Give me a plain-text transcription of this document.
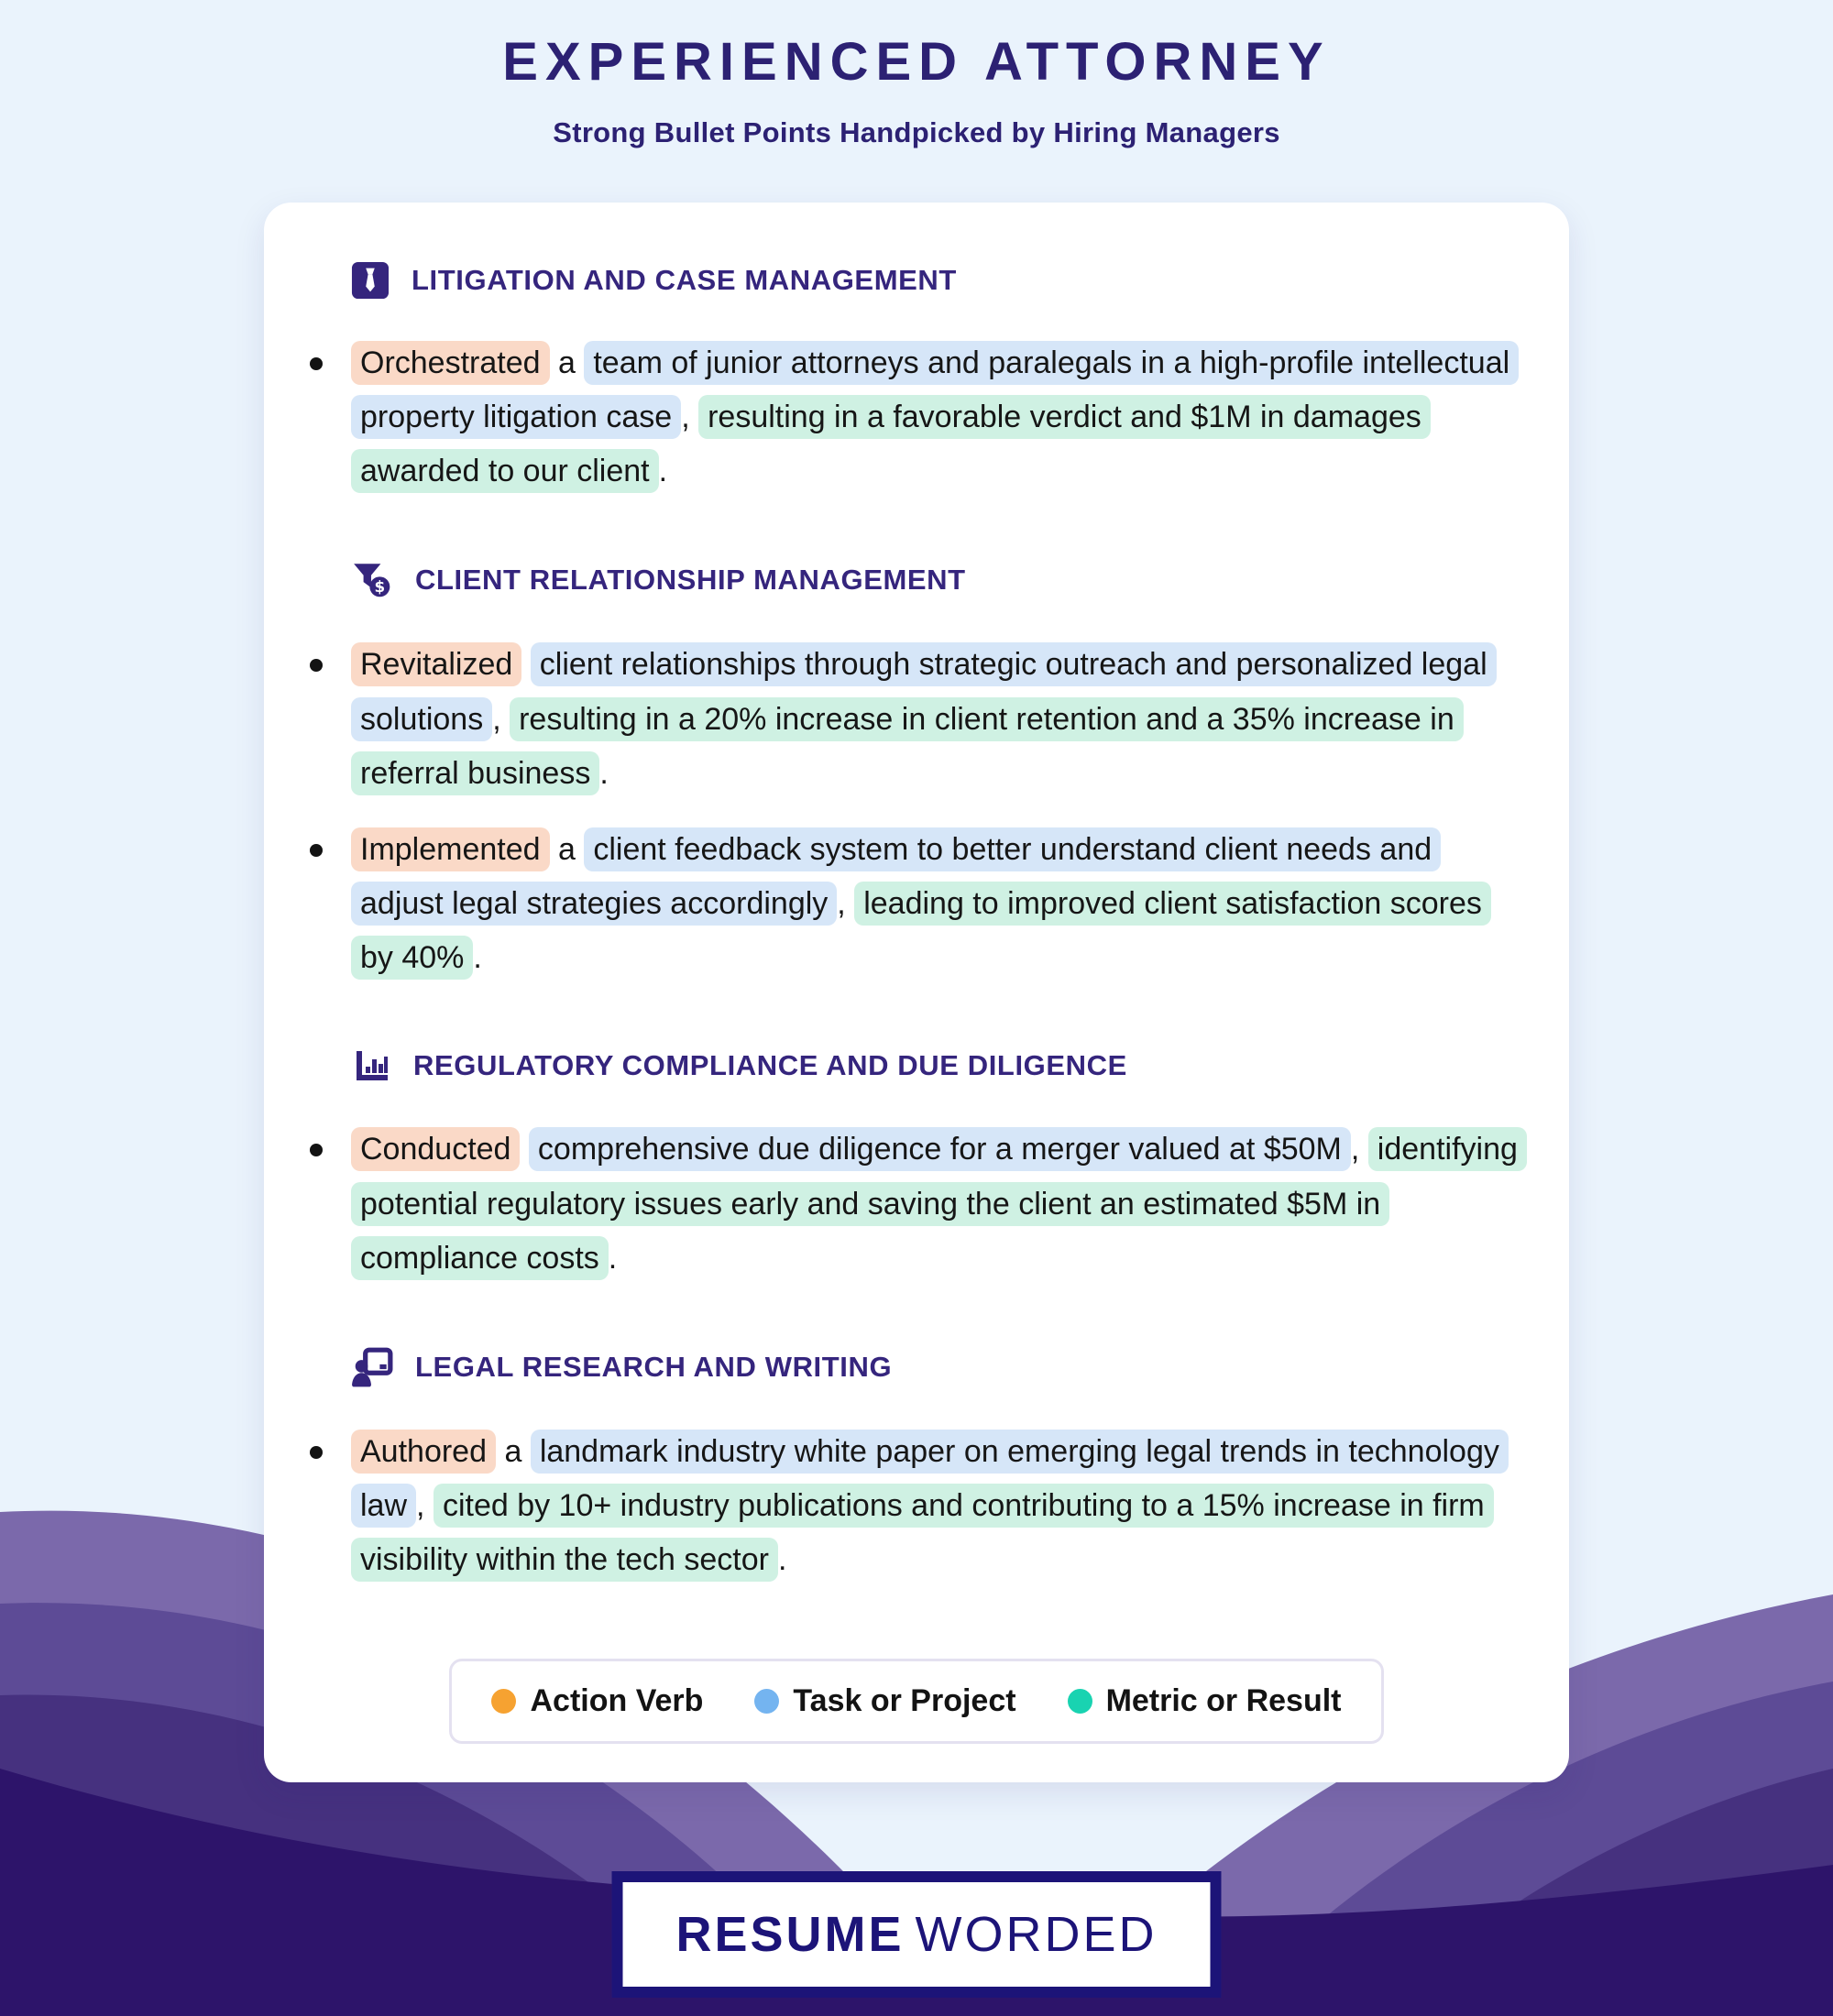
EXPERIENCED ATTORNEY

Strong Bullet Points Handpicked by Hiring Managers

LITIGATION AND CASE MANAGEMENT
Orchestrated a team of junior attorneys and paralegals in a high-profile intellectual property litigation case , resulting in a favorable verdict and $1M in damages awarded to our client .
$ CLIENT RELATIONSHIP MANAGEMENT
Revitalized client relationships through strategic outreach and personalized legal solutions , resulting in a 20% increase in client retention and a 35% increase in referral business .
Implemented a client feedback system to better understand client needs and adjust legal strategies accordingly , leading to improved client satisfaction scores by 40% .
REGULATORY COMPLIANCE AND DUE DILIGENCE
Conducted comprehensive due diligence for a merger valued at $50M , identifying potential regulatory issues early and saving the client an estimated $5M in compliance costs .
LEGAL RESEARCH AND WRITING
Authored a landmark industry white paper on emerging legal trends in technology law , cited by 10+ industry publications and contributing to a 15% increase in firm visibility within the tech sector .
Action Verb	Task or Project	Metric or Result
RESUME WORDED
